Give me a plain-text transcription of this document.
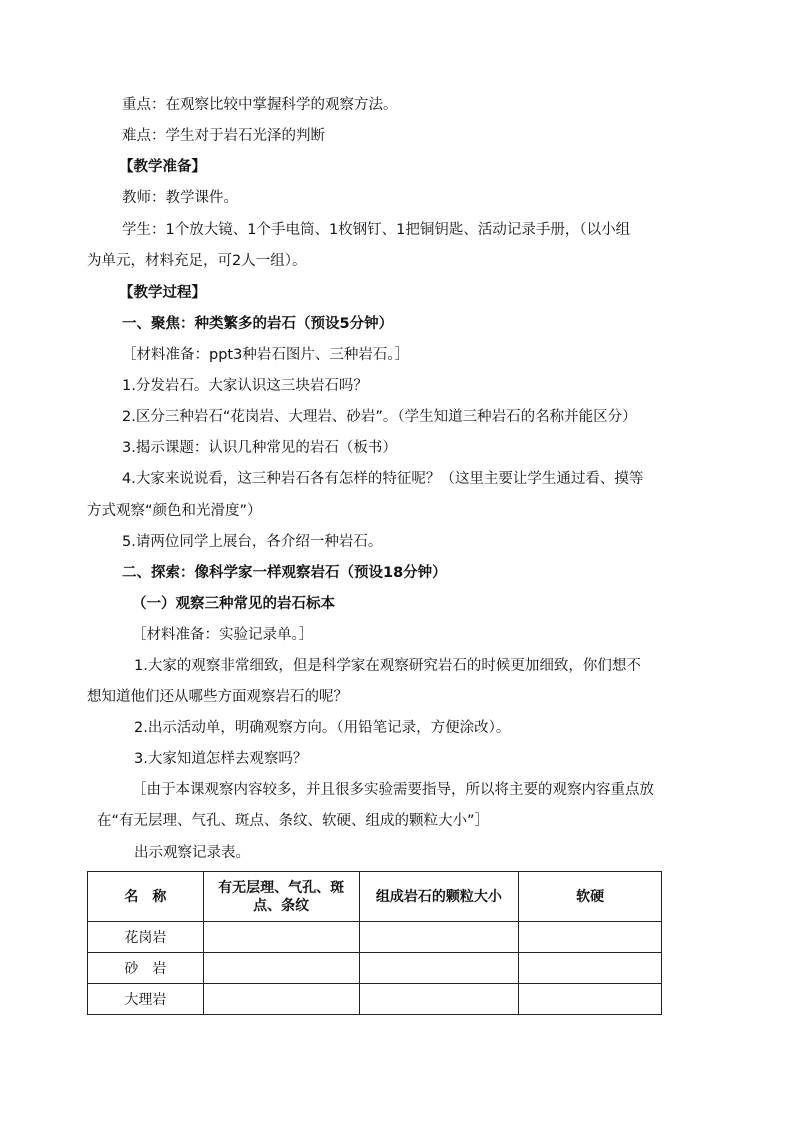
重点：在观察比较中掌握科学的观察方法。
难点：学生对于岩石光泽的判断
【教学准备】
教师：教学课件。
学生：1个放大镜、1个手电筒、1枚钢钉、1把铜钥匙、活动记录手册，（以小组
为单元，材料充足，可2人一组）。
【教学过程】
一、聚焦：种类繁多的岩石（预设5分钟）
［材料准备：ppt3种岩石图片、三种岩石。］
1.分发岩石。大家认识这三块岩石吗？
2.区分三种岩石“花岗岩、大理岩、砂岩”。（学生知道三种岩石的名称并能区分）
3.揭示课题：认识几种常见的岩石（板书）
4.大家来说说看，这三种岩石各有怎样的特征呢？（这里主要让学生通过看、摸等
方式观察“颜色和光滑度”）
5.请两位同学上展台，各介绍一种岩石。
二、探索：像科学家一样观察岩石（预设18分钟）
（一）观察三种常见的岩石标本
［材料准备：实验记录单。］
1.大家的观察非常细致，但是科学家在观察研究岩石的时候更加细致，你们想不
想知道他们还从哪些方面观察岩石的呢？
2.出示活动单，明确观察方向。（用铅笔记录，方便涂改）。
3.大家知道怎样去观察吗？
［由于本课观察内容较多，并且很多实验需要指导，所以将主要的观察内容重点放
在“有无层理、气孔、斑点、条纹、软硬、组成的颗粒大小”］
出示观察记录表。
名　称	有无层理、气孔、斑点、条纹	组成岩石的颗粒大小	软硬
花岗岩			
砂　岩			
大理岩			
